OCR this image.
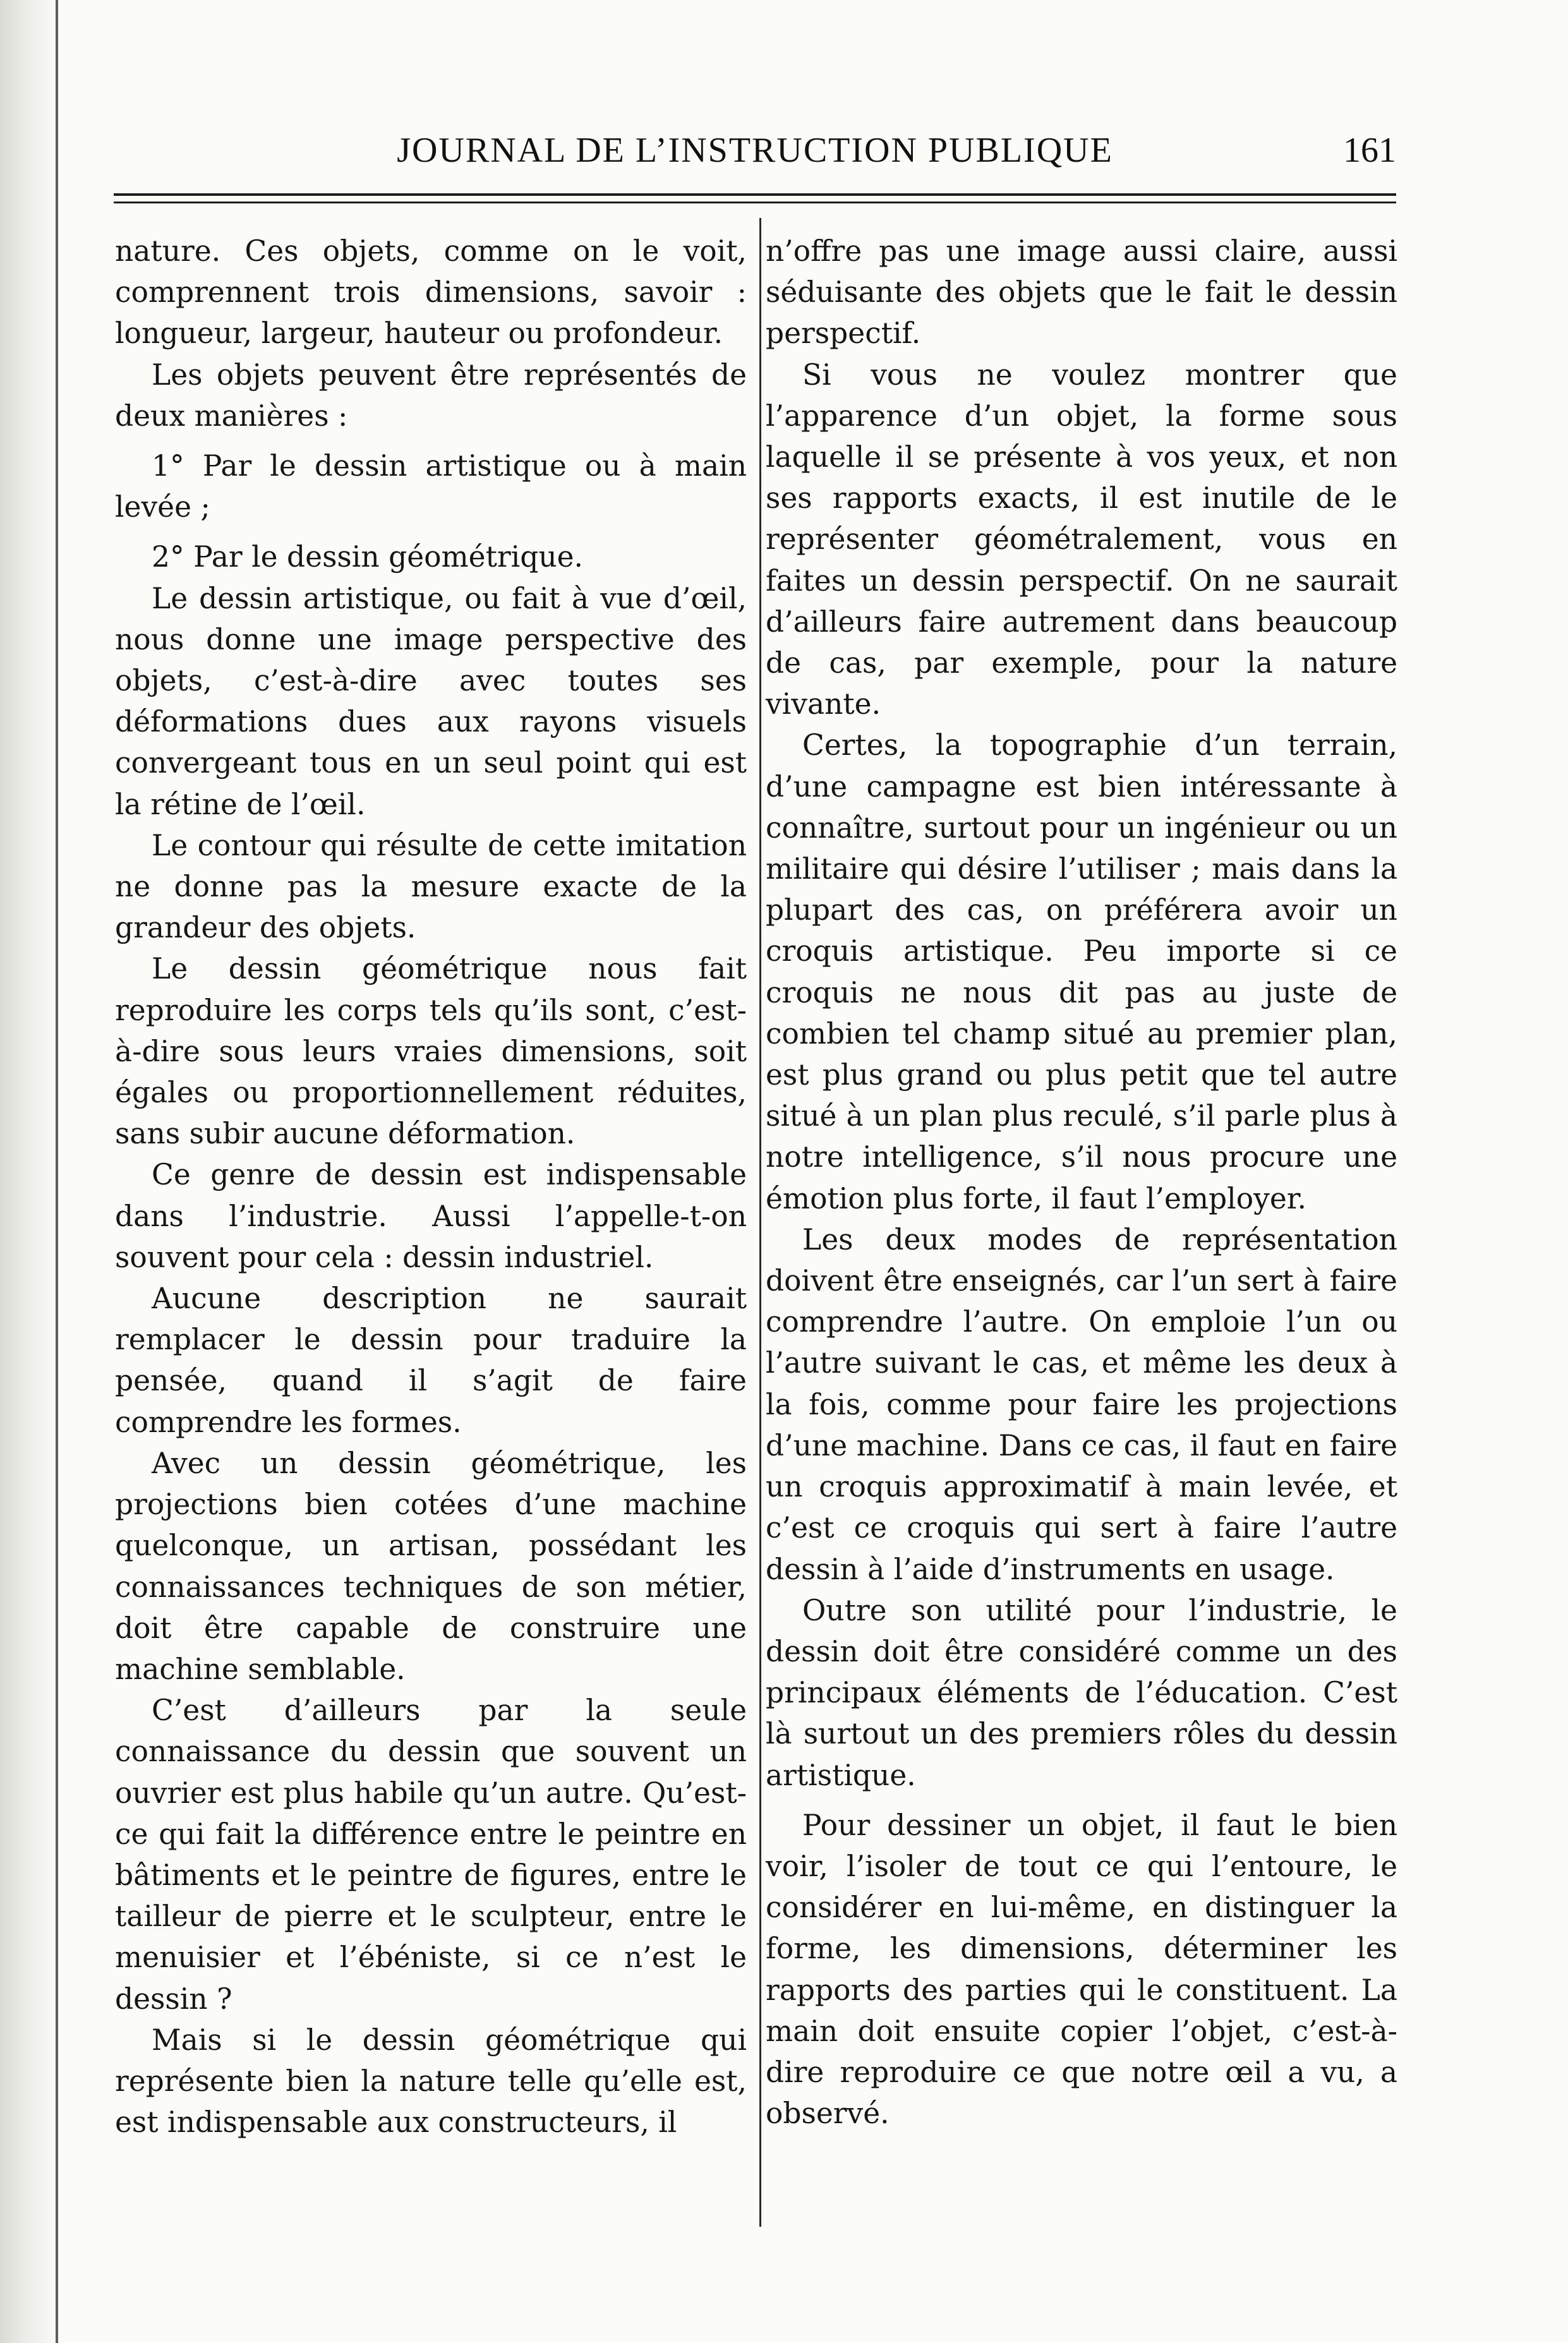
JOURNAL DE L’INSTRUCTION PUBLIQUE	161

nature. Ces objets, comme on le voit, comprennent trois dimensions, savoir : longueur, largeur, hauteur ou profondeur.

Les objets peuvent être représentés de deux manières :

1° Par le dessin artistique ou à main levée ;

2° Par le dessin géométrique.

Le dessin artistique, ou fait à vue d’œil, nous donne une image perspective des objets, c’est-à-dire avec toutes ses déformations dues aux rayons visuels convergeant tous en un seul point qui est la rétine de l’œil.

Le contour qui résulte de cette imitation ne donne pas la mesure exacte de la grandeur des objets.

Le dessin géométrique nous fait reproduire les corps tels qu’ils sont, c’est-à-dire sous leurs vraies dimensions, soit égales ou proportionnellement réduites, sans subir aucune déformation.

Ce genre de dessin est indispensable dans l’industrie. Aussi l’appelle-t-on souvent pour cela : dessin industriel.

Aucune description ne saurait remplacer le dessin pour traduire la pensée, quand il s’agit de faire comprendre les formes.

Avec un dessin géométrique, les projections bien cotées d’une machine quelconque, un artisan, possédant les connaissances techniques de son métier, doit être capable de construire une machine semblable.

C’est d’ailleurs par la seule connaissance du dessin que souvent un ouvrier est plus habile qu’un autre. Qu’est-ce qui fait la différence entre le peintre en bâtiments et le peintre de figures, entre le tailleur de pierre et le sculpteur, entre le menuisier et l’ébéniste, si ce n’est le dessin ?

Mais si le dessin géométrique qui représente bien la nature telle qu’elle est, est indispensable aux constructeurs, il

n’offre pas une image aussi claire, aussi séduisante des objets que le fait le dessin perspectif.

Si vous ne voulez montrer que l’apparence d’un objet, la forme sous laquelle il se présente à vos yeux, et non ses rapports exacts, il est inutile de le représenter géométralement, vous en faites un dessin perspectif. On ne saurait d’ailleurs faire autrement dans beaucoup de cas, par exemple, pour la nature vivante.

Certes, la topographie d’un terrain, d’une campagne est bien intéressante à connaître, surtout pour un ingénieur ou un militaire qui désire l’utiliser ; mais dans la plupart des cas, on préférera avoir un croquis artistique. Peu importe si ce croquis ne nous dit pas au juste de combien tel champ situé au premier plan, est plus grand ou plus petit que tel autre situé à un plan plus reculé, s’il parle plus à notre intelligence, s’il nous procure une émotion plus forte, il faut l’employer.

Les deux modes de représentation doivent être enseignés, car l’un sert à faire comprendre l’autre. On emploie l’un ou l’autre suivant le cas, et même les deux à la fois, comme pour faire les projections d’une machine. Dans ce cas, il faut en faire un croquis approximatif à main levée, et c’est ce croquis qui sert à faire l’autre dessin à l’aide d’instruments en usage.

Outre son utilité pour l’industrie, le dessin doit être considéré comme un des principaux éléments de l’éducation. C’est là surtout un des premiers rôles du dessin artistique.

Pour dessiner un objet, il faut le bien voir, l’isoler de tout ce qui l’entoure, le considérer en lui-même, en distinguer la forme, les dimensions, déterminer les rapports des parties qui le constituent. La main doit ensuite copier l’objet, c’est-à-dire reproduire ce que notre œil a vu, a observé.
